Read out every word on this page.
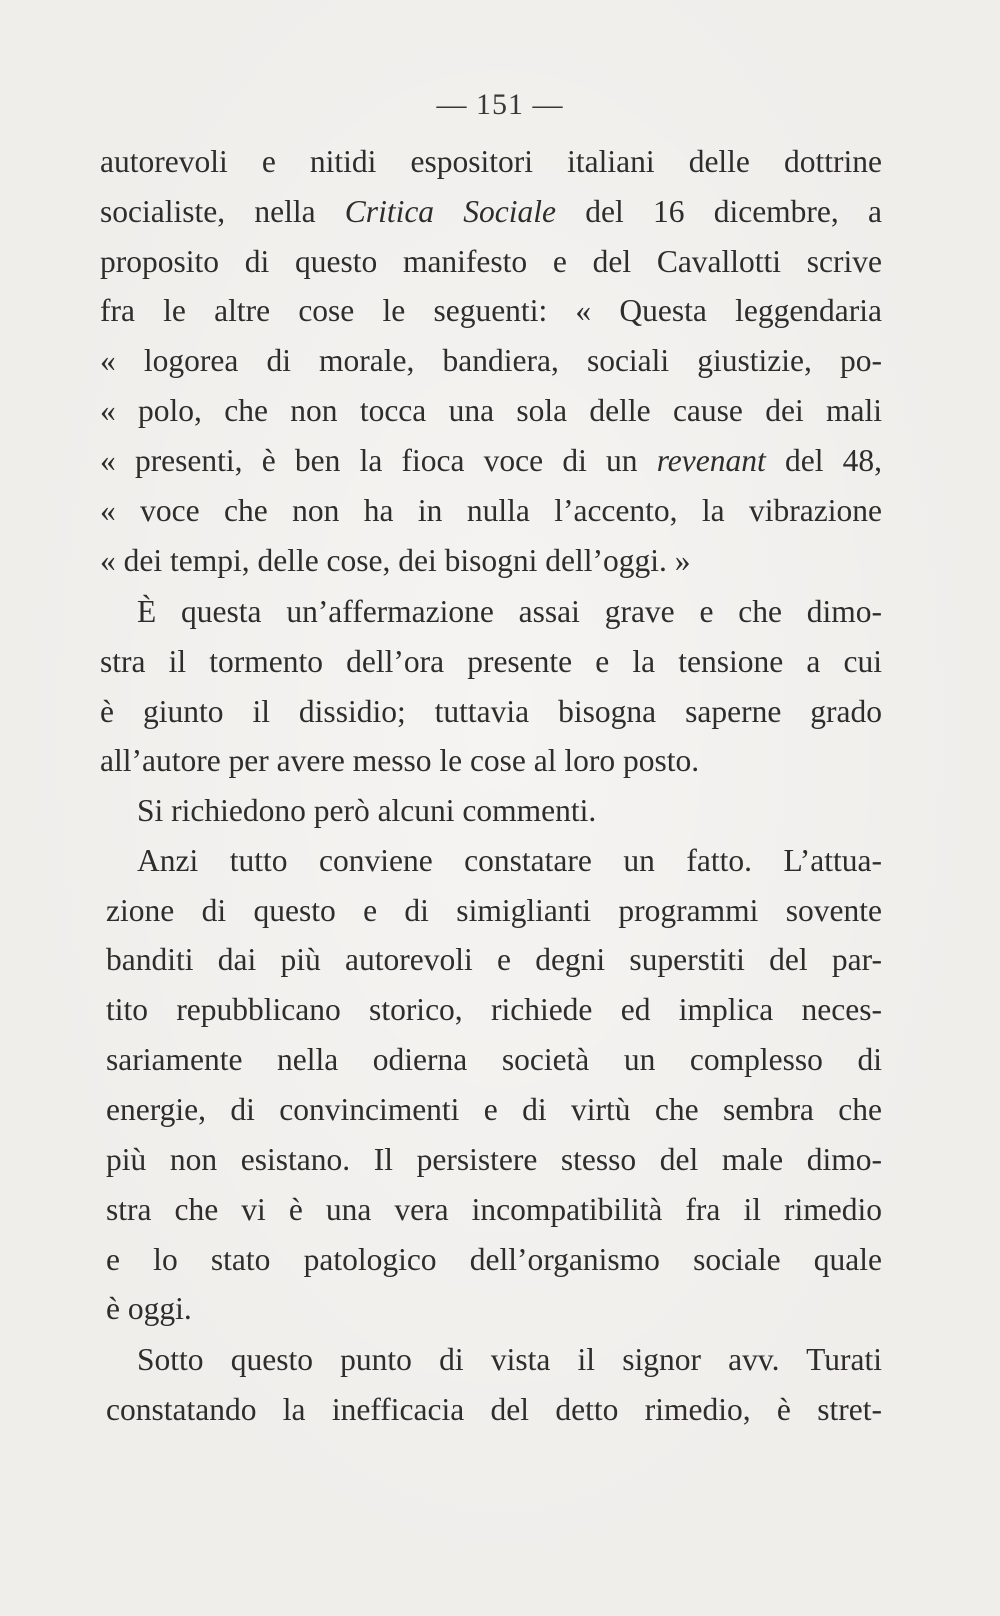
— 151 —
autorevoli e nitidi espositori italiani delle dottrine
socialiste, nella Critica Sociale del 16 dicembre, a
proposito di questo manifesto e del Cavallotti scrive
fra le altre cose le seguenti: « Questa leggendaria
« logorea di morale, bandiera, sociali giustizie, po-
« polo, che non tocca una sola delle cause dei mali
« presenti, è ben la fioca voce di un revenant del 48,
« voce che non ha in nulla l’accento, la vibrazione
« dei tempi, delle cose, dei bisogni dell’oggi. »
È questa un’affermazione assai grave e che dimo-
stra il tormento dell’ora presente e la tensione a cui
è giunto il dissidio; tuttavia bisogna saperne grado
all’autore per avere messo le cose al loro posto.
Si richiedono però alcuni commenti.
Anzi tutto conviene constatare un fatto. L’attua-
zione di questo e di simiglianti programmi sovente
banditi dai più autorevoli e degni superstiti del par-
tito repubblicano storico, richiede ed implica neces-
sariamente nella odierna società un complesso di
energie, di convincimenti e di virtù che sembra che
più non esistano. Il persistere stesso del male dimo-
stra che vi è una vera incompatibilità fra il rimedio
e lo stato patologico dell’organismo sociale quale
è oggi.
Sotto questo punto di vista il signor avv. Turati
constatando la inefficacia del detto rimedio, è stret-
